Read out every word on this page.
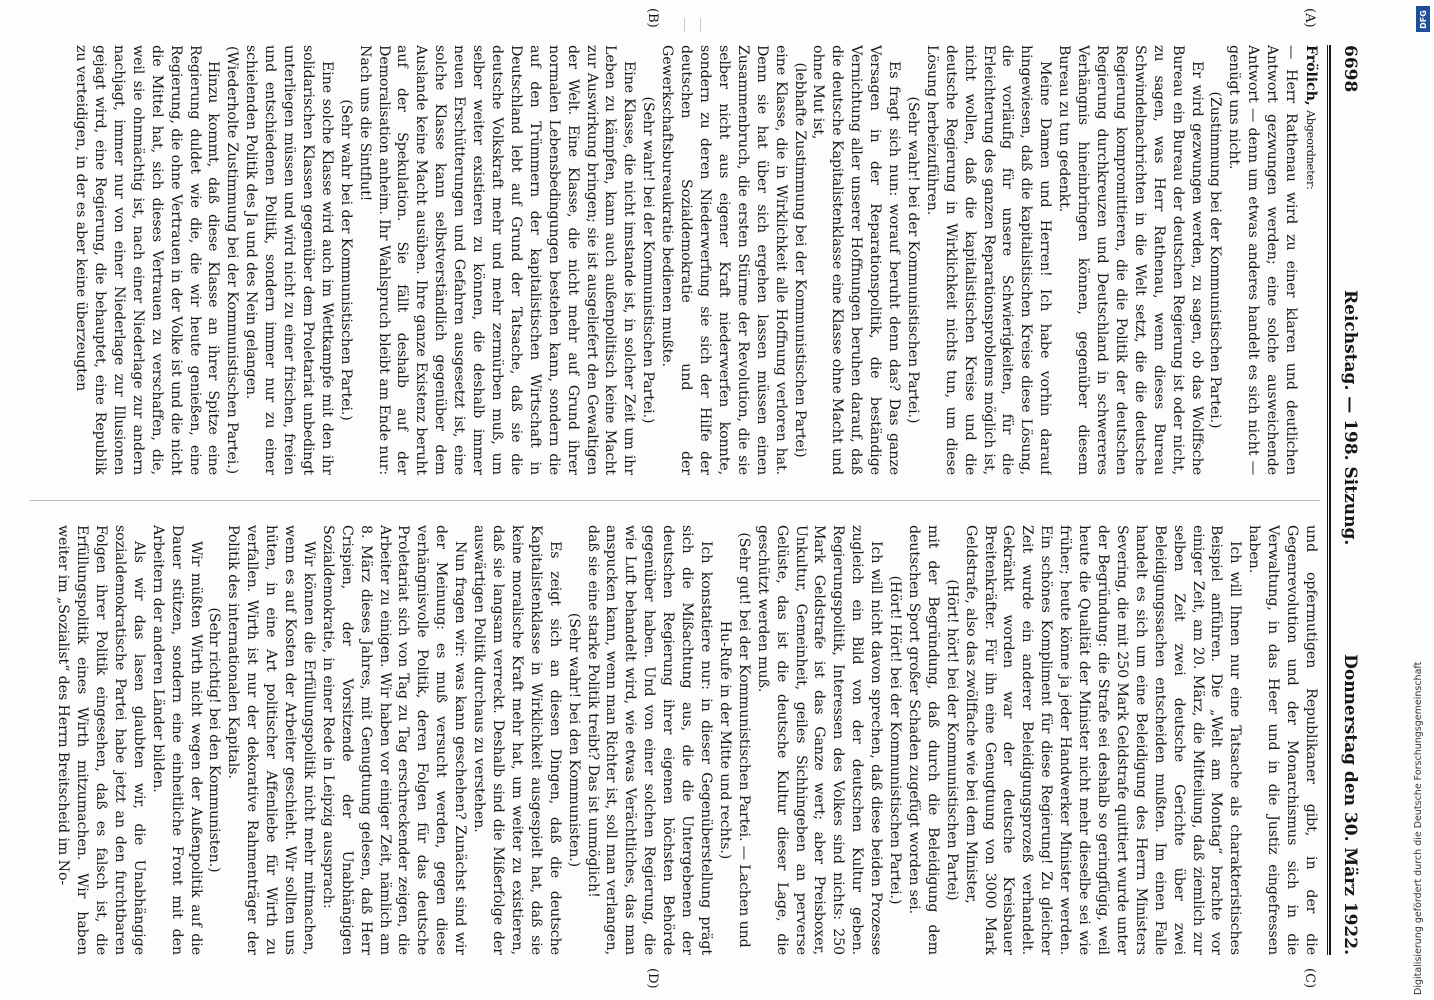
6698
Reichstag. — 198. Sitzung.
Donnerstag den 30. März 1922.
(A)
(B)
(C)
(D)

Frölich, Abgeordneter:

— Herr Rathenau wird zu einer klaren und deutlichen Antwort gezwungen werden; eine solche ausweichende Antwort — denn um etwas anderes handelt es sich nicht — genügt uns nicht.

(Zustimmung bei der Kommunistischen Partei.)

Er wird gezwungen werden, zu sagen, ob das Wolffsche Bureau ein Bureau der deutschen Regierung ist oder nicht, zu sagen, was Herr Rathenau, wenn dieses Bureau Schwindelnachrichten in die Welt setzt, die die deutsche Regierung kompromittieren, die die Politik der deutschen Regierung durchkreuzen und Deutschland in schwereres Verhängnis hineinbringen können, gegenüber diesem Bureau zu tun gedenkt.

Meine Damen und Herren! Ich habe vorhin darauf hingewiesen, daß die kapitalistischen Kreise diese Lösung, die vorläufig für unsere Schwierigkeiten, für die Erleichterung des ganzen Reparationsproblems möglich ist, nicht wollen, daß die kapitalistischen Kreise und die deutsche Regierung in Wirklichkeit nichts tun, um diese Lösung herbeizuführen.

(Sehr wahr! bei der Kommunistischen Partei.)

Es fragt sich nun: worauf beruht denn das? Das ganze Versagen in der Reparationspolitik, die beständige Vernichtung aller unserer Hoffnungen beruhen darauf, daß die deutsche Kapitalistenklasse eine Klasse ohne Macht und ohne Mut ist,

(lebhafte Zustimmung bei der Kommunistischen Partei)

eine Klasse, die in Wirklichkeit alle Hoffnung verloren hat. Denn sie hat über sich ergehen lassen müssen einen Zusammenbruch, die ersten Stürme der Revolution, die sie selber nicht aus eigener Kraft niederwerfen konnte, sondern zu deren Niederwerfung sie sich der Hilfe der deutschen Sozialdemokratie und der Gewerkschaftsbureaukratie bedienen mußte.

(Sehr wahr! bei der Kommunistischen Partei.)

Eine Klasse, die nicht imstande ist, in solcher Zeit um ihr Leben zu kämpfen, kann auch außenpolitisch keine Macht zur Auswirkung bringen; sie ist ausgeliefert den Gewaltigen der Welt. Eine Klasse, die nicht mehr auf Grund ihrer normalen Lebensbedingungen bestehen kann, sondern die auf den Trümmern der kapitalistischen Wirtschaft in Deutschland lebt auf Grund der Tatsache, daß sie die deutsche Volkskraft mehr und mehr zermürben muß, um selber weiter existieren zu können, die deshalb immer neuen Erschütterungen und Gefahren ausgesetzt ist, eine solche Klasse kann selbstverständlich gegenüber dem Auslande keine Macht ausüben. Ihre ganze Existenz beruht auf der Spekulation. Sie fällt deshalb auf der Demoralisation anheim. Ihr Wahlspruch bleibt am Ende nur: Nach uns die Sintflut!

(Sehr wahr bei der Kommunistischen Partei.)

Eine solche Klasse wird auch im Wettkampfe mit den ihr solidarischen Klassen gegenüber dem Proletariat unbedingt unterliegen müssen und wird nicht zu einer frischen, freien und entschiedenen Politik, sondern immer nur zu einer schielenden Politik des Ja und des Nein gelangen.

(Wiederholte Zustimmung bei der Kommunistischen Partei.)

Hinzu kommt, daß diese Klasse an ihrer Spitze eine Regierung duldet wie die, die wir heute genießen, eine Regierung, die ohne Vertrauen in der Volke ist und die nicht die Mittel hat, sich dieses Vertrauen zu verschaffen, die, weil sie ohnmächtig ist, nach einer Niederlage zur andern nachjagt, immer nur von einer Niederlage zur Illusionen gejagt wird, eine Regierung, die behauptet, eine Republik zu verteidigen, in der es aber keine überzeugten

und opfermutigen Republikaner gibt, in der die Gegenrevolution und der Monarchismus sich in die Verwaltung, in das Heer und in die Justiz eingefressen haben.

Ich will Ihnen nur eine Tatsache als charakteristisches Beispiel anführen. Die „Welt am Montag“ brachte vor einiger Zeit, am 20. März, die Mitteilung, daß ziemlich zur selben Zeit zwei deutsche Gerichte über zwei Beleidigungssachen entscheiden mußten. Im einen Falle handelt es sich um eine Beleidigung des Herrn Ministers Severing, die mit 250 Mark Geldstrafe quittiert wurde unter der Begründung: die Strafe sei deshalb so geringfügig, weil heute die Qualität der Minister nicht mehr dieselbe sei wie früher; heute könne ja jeder Handwerker Minister werden. Ein schönes Kompliment für diese Regierung! Zu gleicher Zeit wurde ein anderer Beleidigungsprozeß verhandelt. Gekränkt worden war der deutsche Kreisbauer Breitenkräfter. Für ihn eine Genugtuung von 3000 Mark Geldstrafe, also das zwölffache wie bei dem Minister,

(Hört! hört! bei der Kommunistischen Partei)

mit der Begründung, daß durch die Beleidigung dem deutschen Sport großer Schaden zugefügt worden sei.

(Hört! Hört! bei der Kommunistischen Partei.)

Ich will nicht davon sprechen, daß diese beiden Prozesse zugleich ein Bild von der deutschen Kultur geben. Regierungspolitik, Interessen des Volkes sind nichts: 250 Mark Geldstrafe ist das Ganze wert; aber Preisboxer, Unkultur, Gemeinheit, geiles Sichhingeben an perverse Gelüste, das ist die deutsche Kultur dieser Lage, die geschützt werden muß.

(Sehr gut! bei der Kommunistischen Partei. — Lachen und Hu-Rufe in der Mitte und rechts.)

Ich konstatiere nur: in dieser Gegenüberstellung prägt sich die Mißachtung aus, die die Untergebenen der deutschen Regierung ihrer eigenen höchsten Behörde gegenüber haben. Und von einer solchen Regierung, die wie Luft behandelt wird, wie etwas Verächtliches, das man anspucken kann, wenn man Richter ist, soll man verlangen, daß sie eine starke Politik treibt? Das ist unmöglich!

(Sehr wahr! bei den Kommunisten.)

Es zeigt sich an diesen Dingen, daß die deutsche Kapitalistenklasse in Wirklichkeit ausgespielt hat, daß sie keine moralische Kraft mehr hat, um weiter zu existieren, daß sie langsam verreckt. Deshalb sind die Mißerfolge der auswärtigen Politik durchaus zu verstehen.

Nun fragen wir: was kann geschehen? Zunächst sind wir der Meinung: es muß versucht werden, gegen diese verhängnisvolle Politik, deren Folgen für das deutsche Proletariat sich von Tag zu Tag erschreckender zeigen, die Arbeiter zu einigen. Wir haben vor einiger Zeit, nämlich am 8. März dieses Jahres, mit Genugtuung gelesen, daß Herr Crispien, der Vorsitzende der Unabhängigen Sozialdemokratie, in einer Rede in Leipzig aussprach:

Wir können die Erfüllungspolitik nicht mehr mitmachen, wenn es auf Kosten der Arbeiter geschieht. Wir sollten uns hüten, in eine Art politischer Affenliebe für Wirth zu verfallen. Wirth ist nur der dekorative Rahmenträger der Politik des internationalen Kapitals.

(Sehr richtig! bei den Kommunisten.)

Wir müßten Wirth nicht wegen der Außenpolitik auf die Dauer stützen, sondern eine einheitliche Front mit den Arbeitern der anderen Länder bilden.

Als wir das lasen glaubten wir, die Unabhängige sozialdemokratische Partei habe jetzt an den furchtbaren Folgen ihrer Politik eingesehen, daß es falsch ist, die Erfüllungspolitik eines Wirth mitzumachen. Wir haben weiter im „Sozialist“ des Herrn Breitscheid im No-

DFG
Digitalisierung gefördert durch die Deutsche Forschungsgemeinschaft
